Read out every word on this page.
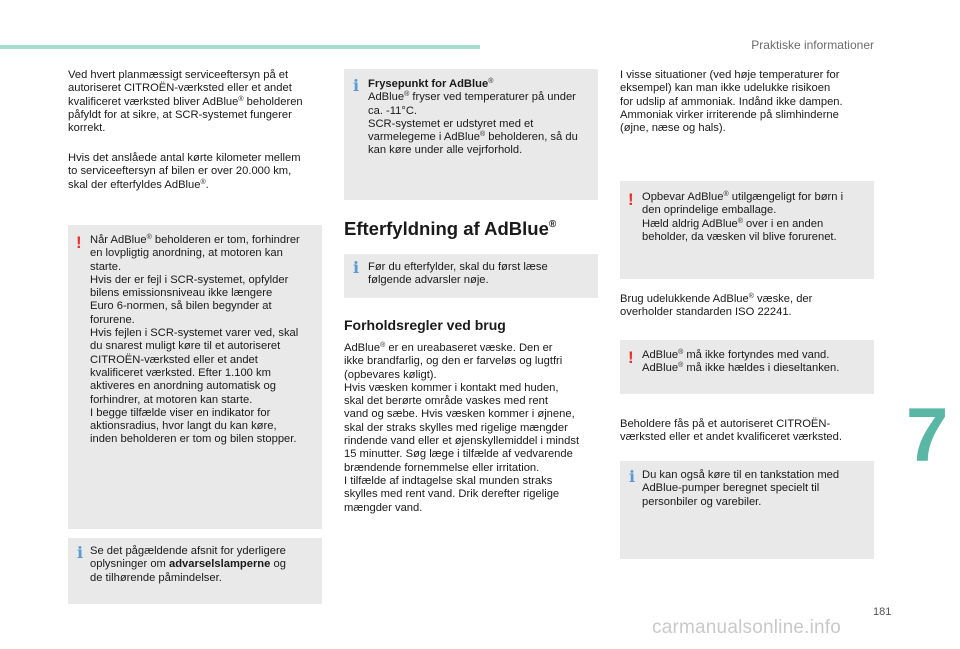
Praktiske informationer
Ved hvert planmæssigt serviceeftersyn på et
autoriseret CITROËN-værksted eller et andet
kvalificeret værksted bliver AdBlue® beholderen
påfyldt for at sikre, at SCR-systemet fungerer
korrekt.
Hvis det anslåede antal kørte kilometer mellem
to serviceeftersyn af bilen er over 20.000 km,
skal der efterfyldes AdBlue®.
! Når AdBlue® beholderen er tom, forhindrer
en lovpligtig anordning, at motoren kan
starte.
Hvis der er fejl i SCR-systemet, opfylder
bilens emissionsniveau ikke længere
Euro 6-normen, så bilen begynder at
forurene.
Hvis fejlen i SCR-systemet varer ved, skal
du snarest muligt køre til et autoriseret
CITROËN-værksted eller et andet
kvalificeret værksted. Efter 1.100 km
aktiveres en anordning automatisk og
forhindrer, at motoren kan starte.
I begge tilfælde viser en indikator for
aktionsradius, hvor langt du kan køre,
inden beholderen er tom og bilen stopper.
i Se det pågældende afsnit for yderligere
oplysninger om advarselslamperne og
de tilhørende påmindelser.
i Frysepunkt for AdBlue®
AdBlue® fryser ved temperaturer på under
ca. -11°C.
SCR-systemet er udstyret med et
varmelegeme i AdBlue® beholderen, så du
kan køre under alle vejrforhold.
Efterfyldning af AdBlue®
i Før du efterfylder, skal du først læse
følgende advarsler nøje.
Forholdsregler ved brug
AdBlue® er en ureabaseret væske. Den er
ikke brandfarlig, og den er farveløs og lugtfri
(opbevares køligt).
Hvis væsken kommer i kontakt med huden,
skal det berørte område vaskes med rent
vand og sæbe. Hvis væsken kommer i øjnene,
skal der straks skylles med rigelige mængder
rindende vand eller et øjenskyllemiddel i mindst
15 minutter. Søg læge i tilfælde af vedvarende
brændende fornemmelse eller irritation.
I tilfælde af indtagelse skal munden straks
skylles med rent vand. Drik derefter rigelige
mængder vand.
I visse situationer (ved høje temperaturer for
eksempel) kan man ikke udelukke risikoen
for udslip af ammoniak. Indånd ikke dampen.
Ammoniak virker irriterende på slimhinderne
(øjne, næse og hals).
! Opbevar AdBlue® utilgængeligt for børn i
den oprindelige emballage.
Hæld aldrig AdBlue® over i en anden
beholder, da væsken vil blive forurenet.
Brug udelukkende AdBlue® væske, der
overholder standarden ISO 22241.
! AdBlue® må ikke fortyndes med vand.
AdBlue® må ikke hældes i dieseltanken.
Beholdere fås på et autoriseret CITROËN-
værksted eller et andet kvalificeret værksted.
i Du kan også køre til en tankstation med
AdBlue-pumper beregnet specielt til
personbiler og varebiler.
7
181
carmanualsonline.info
